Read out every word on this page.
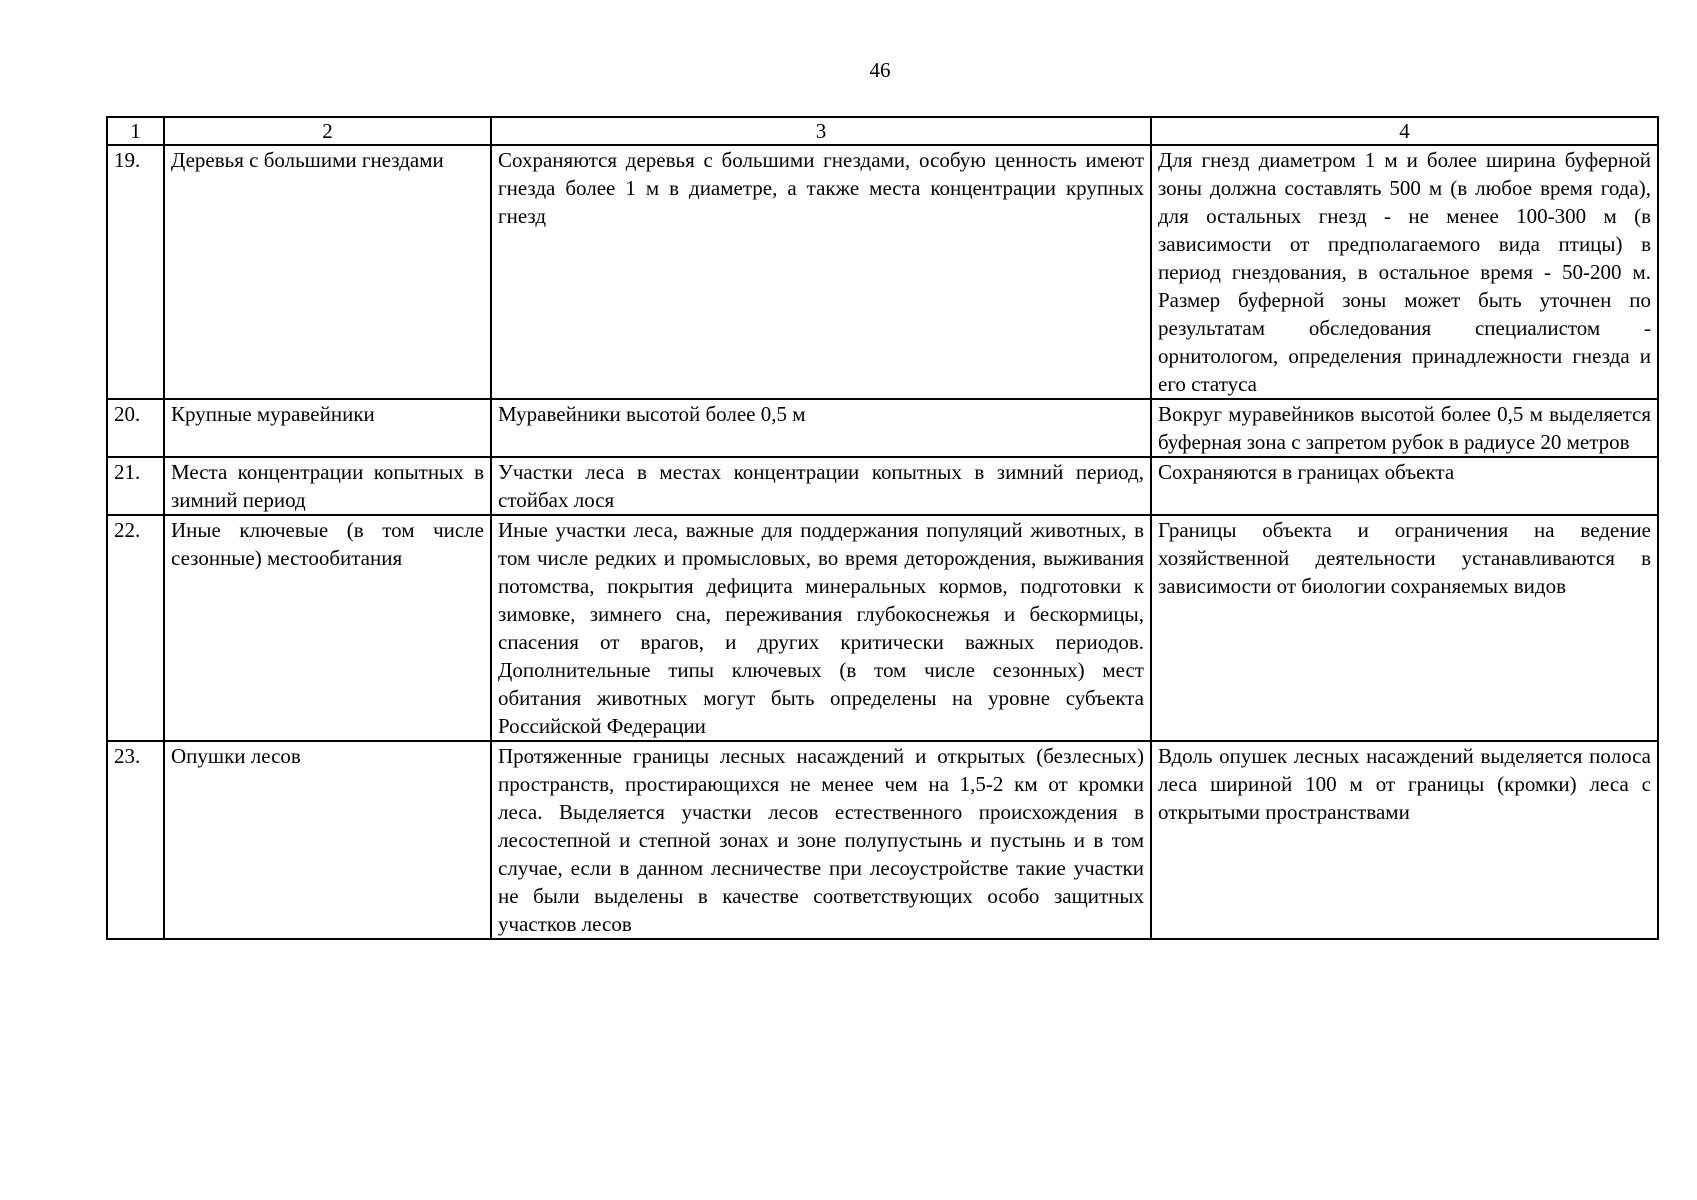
46
1	2	3	4
19.	Деревья с большими гнездами	Сохраняются деревья с большими гнездами, особую ценность имеют гнезда более 1 м в диаметре, а также места концентрации крупных гнезд	Для гнезд диаметром 1 м и более ширина буферной зоны должна составлять 500 м (в любое время года), для остальных гнезд - не менее 100-300 м (в зависимости от предполагаемого вида птицы) в период гнездования, в остальное время - 50-200 м. Размер буферной зоны может быть уточнен по результатам обследования специалистом - орнитологом, определения принадлежности гнезда и его статуса
20.	Крупные муравейники	Муравейники высотой более 0,5 м	Вокруг муравейников высотой более 0,5 м выделяется буферная зона с запретом рубок в радиусе 20 метров
21.	Места концентрации копытных в зимний период	Участки леса в местах концентрации копытных в зимний период, стойбах лося	Сохраняются в границах объекта
22.	Иные ключевые (в том числе сезонные) местообитания	Иные участки леса, важные для поддержания популяций животных, в том числе редких и промысловых, во время деторождения, выживания потомства, покрытия дефицита минеральных кормов, подготовки к зимовке, зимнего сна, переживания глубокоснежья и бескормицы, спасения от врагов, и других критически важных периодов. Дополнительные типы ключевых (в том числе сезонных) мест обитания животных могут быть определены на уровне субъекта Российской Федерации	Границы объекта и ограничения на ведение хозяйственной деятельности устанавливаются в зависимости от биологии сохраняемых видов
23.	Опушки лесов	Протяженные границы лесных насаждений и открытых (безлесных) пространств, простирающихся не менее чем на 1,5-2 км от кромки леса. Выделяется участки лесов естественного происхождения в лесостепной и степной зонах и зоне полупустынь и пустынь и в том случае, если в данном лесничестве при лесоустройстве такие участки не были выделены в качестве соответствующих особо защитных участков лесов	Вдоль опушек лесных насаждений выделяется полоса леса шириной 100 м от границы (кромки) леса с открытыми пространствами
